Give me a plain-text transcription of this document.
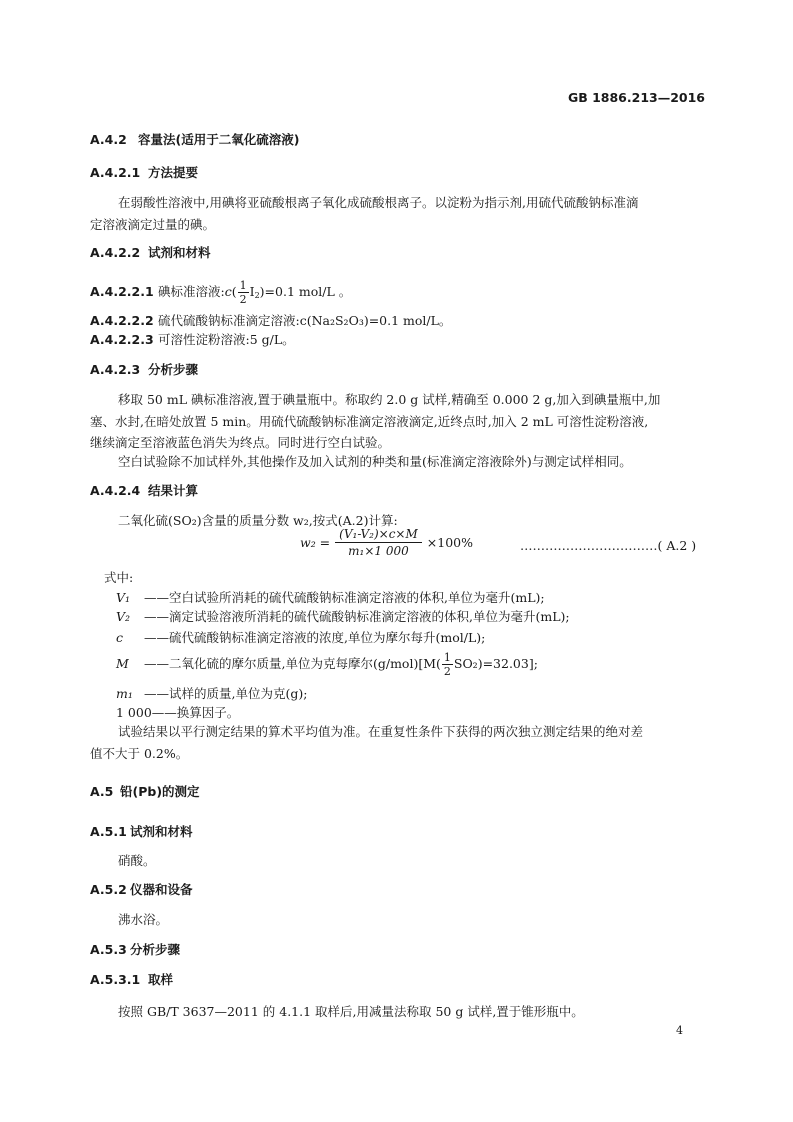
GB 1886.213—2016
A.4.2 容量法(适用于二氧化硫溶液)
A.4.2.1 方法提要
在弱酸性溶液中,用碘将亚硫酸根离子氧化成硫酸根离子。以淀粉为指示剂,用硫代硫酸钠标准滴
定溶液滴定过量的碘。
A.4.2.2 试剂和材料
A.4.2.2.1 碘标准溶液:c( $\frac{1}{2} I2)=0.1$ mol/L 。
A.4.2.2.2 硫代硫酸钠标准滴定溶液:c(Na₂S₂O₃)=0.1 mol/L。
A.4.2.2.3 可溶性淀粉溶液:5 g/L。
A.4.2.3 分析步骤
移取 50 mL 碘标准溶液,置于碘量瓶中。称取约 2.0 g 试样,精确至 0.000 2 g,加入到碘量瓶中,加
塞、水封,在暗处放置 5 min。用硫代硫酸钠标准滴定溶液滴定,近终点时,加入 2 mL 可溶性淀粉溶液,
继续滴定至溶液蓝色消失为终点。同时进行空白试验。
空白试验除不加试样外,其他操作及加入试剂的种类和量(标准滴定溶液除外)与测定试样相同。
A.4.2.4 结果计算
二氧化硫(SO₂)含量的质量分数 w₂,按式(A.2)计算:
$w_2 = \frac{\text{(V₁-V₂)×c×M}}{\text{m₁×1 000}} \times 100\%$	……………………………( A.2 )
式中:
V₁ ——空白试验所消耗的硫代硫酸钠标准滴定溶液的体积,单位为毫升(mL);
V₂ ——滴定试验溶液所消耗的硫代硫酸钠标准滴定溶液的体积,单位为毫升(mL);
c ——硫代硫酸钠标准滴定溶液的浓度,单位为摩尔每升(mol/L);
M ——二氧化硫的摩尔质量,单位为克每摩尔$(g/mol)[M( \frac{1}{2} SO_2)=32.03]$;
m₁ ——试样的质量,单位为克(g);
1 000——换算因子。
试验结果以平行测定结果的算术平均值为准。在重复性条件下获得的两次独立测定结果的绝对差
值不大于 0.2%。
A.5 铅(Pb)的测定
A.5.1 试剂和材料
硝酸。
A.5.2 仪器和设备
沸水浴。
A.5.3 分析步骤
A.5.3.1 取样
按照 GB/T 3637—2011 的 4.1.1 取样后,用减量法称取 50 g 试样,置于锥形瓶中。
4
